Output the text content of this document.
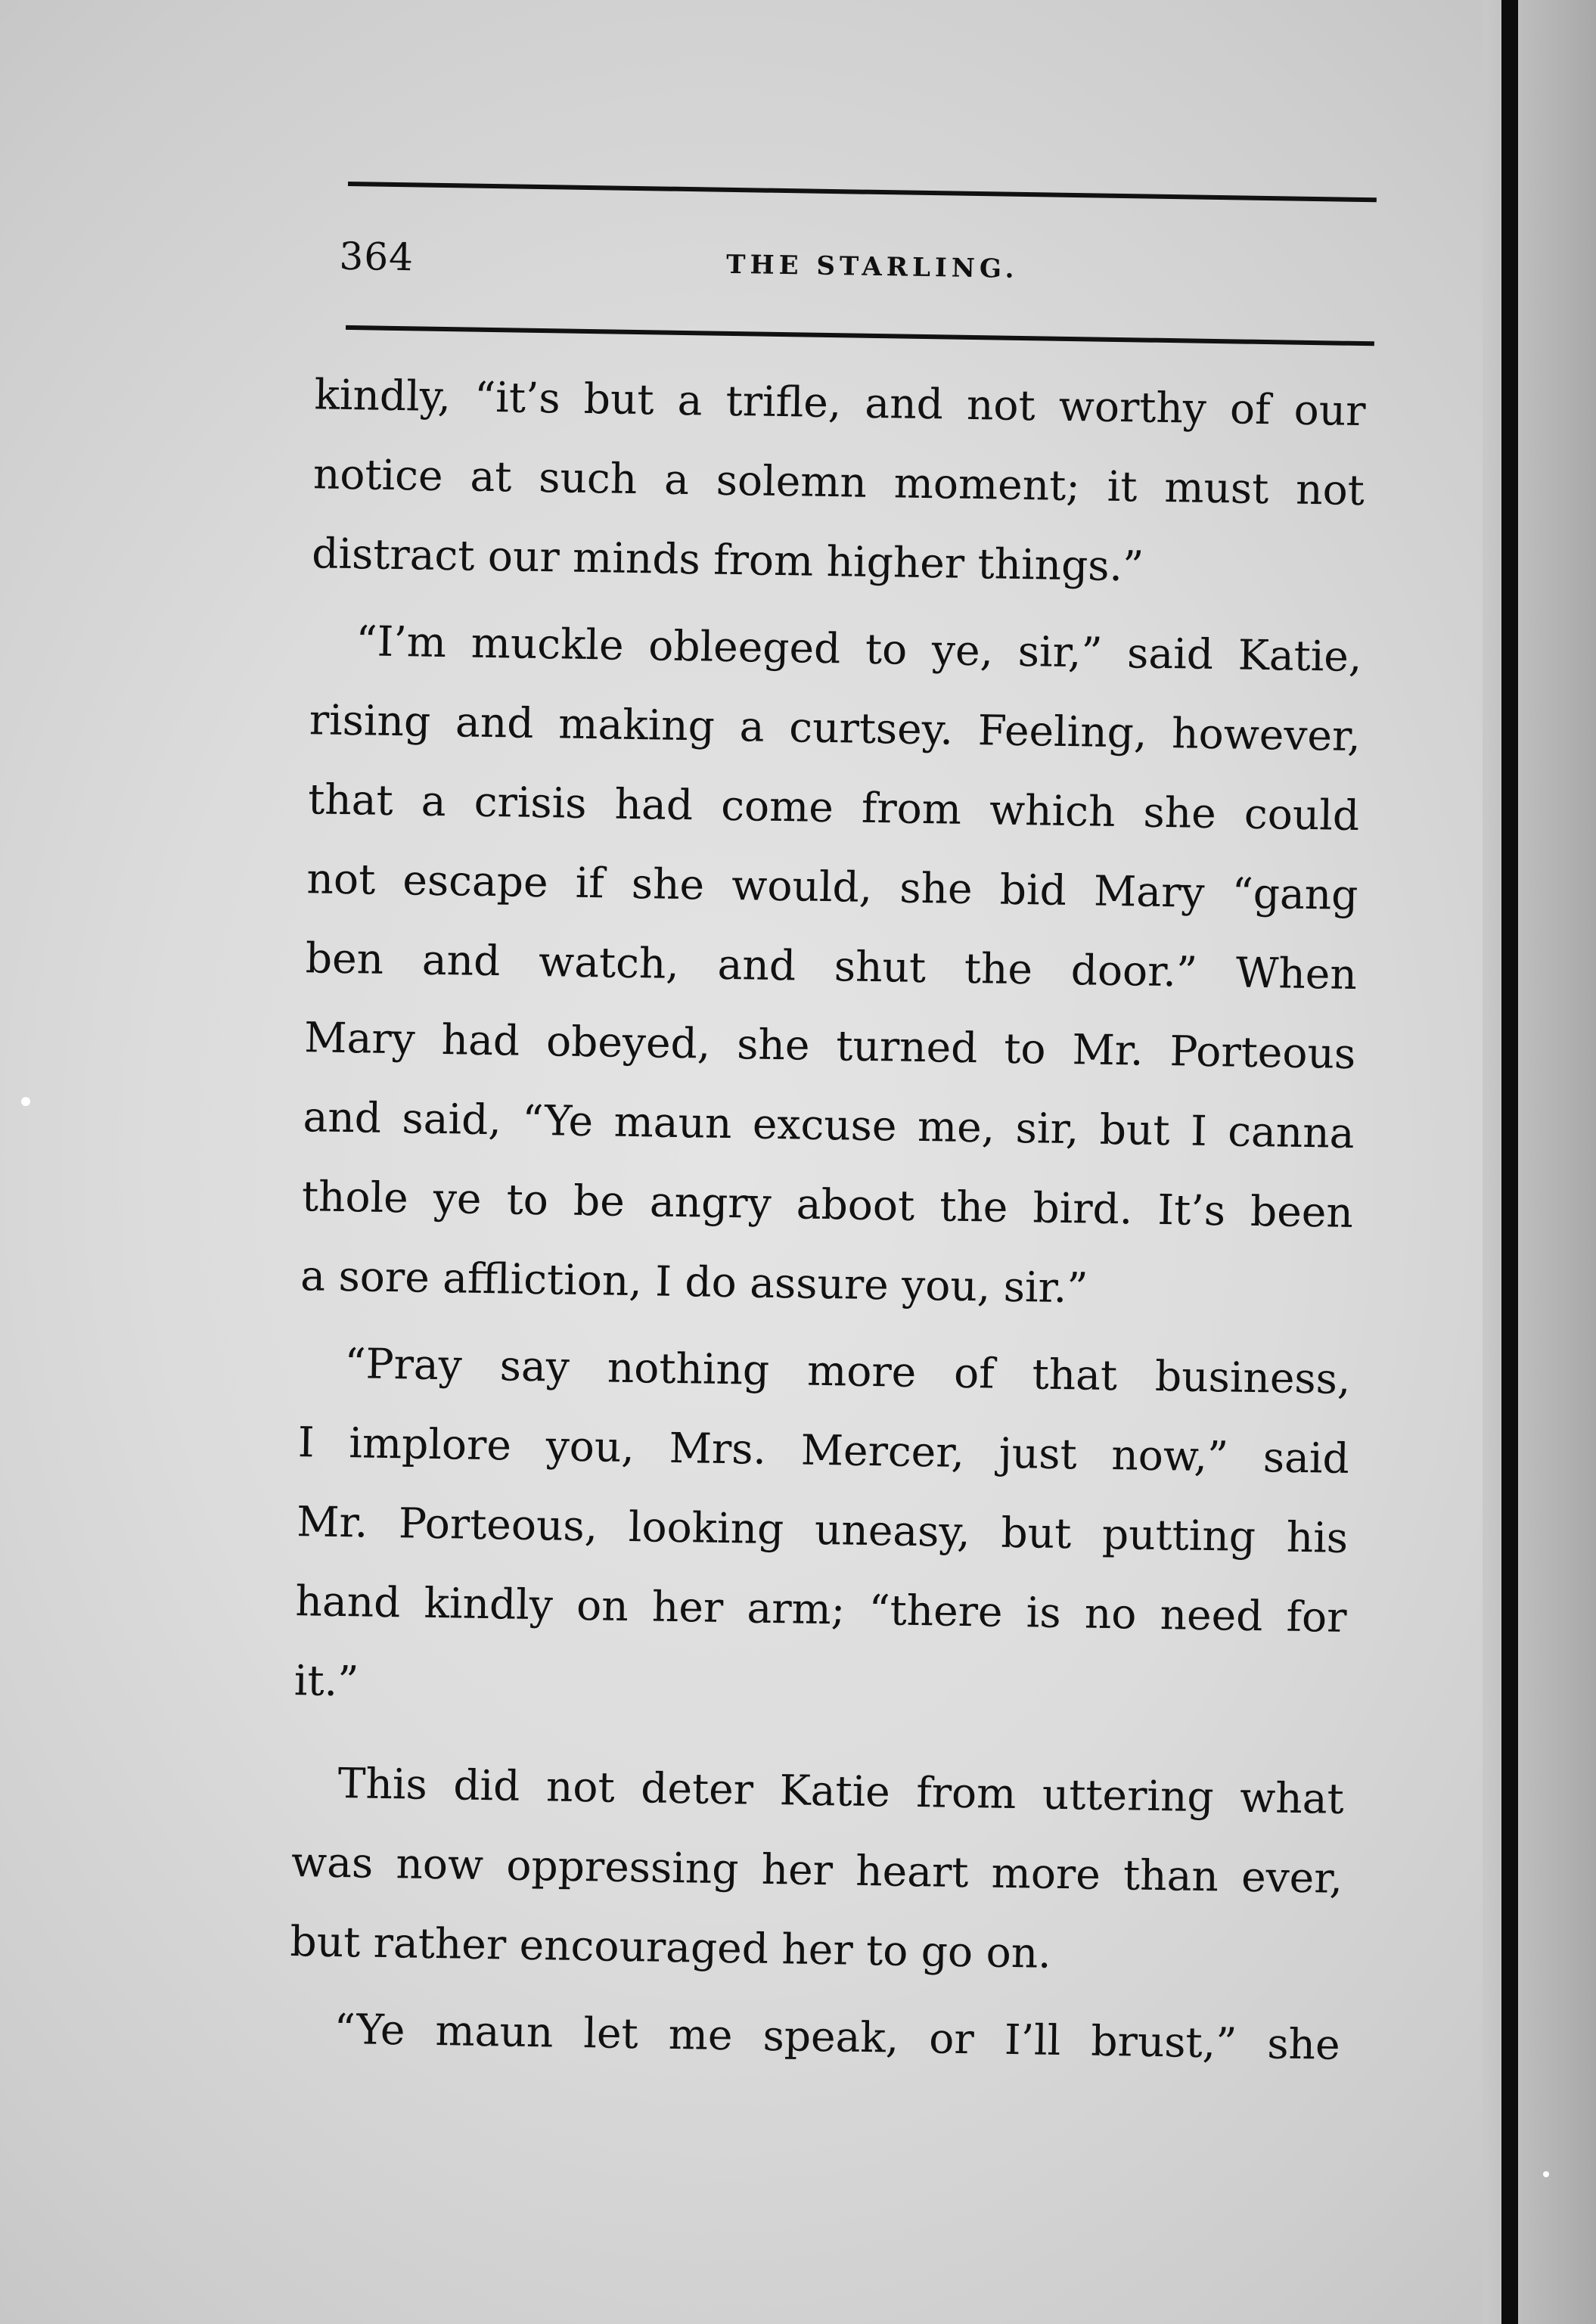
364	THE STARLING.

kindly, “it’s but a trifle, and not worthy of our
notice at such a solemn moment; it must not
distract our minds from higher things.”

“I’m muckle obleeged to ye, sir,” said Katie,
rising and making a curtsey. Feeling, however,
that a crisis had come from which she could
not escape if she would, she bid Mary “gang
ben and watch, and shut the door.” When
Mary had obeyed, she turned to Mr. Porteous
and said, “Ye maun excuse me, sir, but I canna
thole ye to be angry aboot the bird. It’s been
a sore affliction, I do assure you, sir.”

“Pray say nothing more of that business,
I implore you, Mrs. Mercer, just now,” said
Mr. Porteous, looking uneasy, but putting his
hand kindly on her arm; “there is no need for
it.”

This did not deter Katie from uttering what
was now oppressing her heart more than ever,
but rather encouraged her to go on.

“Ye maun let me speak, or I’ll brust,” she
